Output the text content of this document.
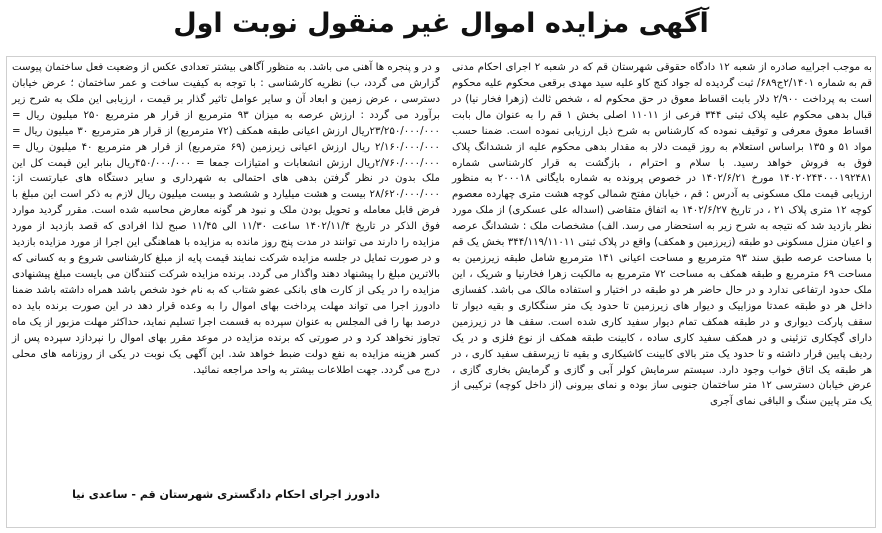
آگهی مزایده اموال غیر منقول نوبت اول

به موجب اجراییه صادره از شعبه ۱۲ دادگاه حقوقی شهرستان قم که در شعبه ۲ اجرای احکام مدنی قم به شماره ۲/۱۴۰۱ج۶۸۹/ ثبت گردیده له جواد کنج کاو علیه سید مهدی برقعی محکوم علیه محکوم است به پرداخت ۲/۹۰۰ دلار بابت اقساط معوق در حق محکوم له ، شخص ثالث (زهرا فخار نیا) در قبال بدهی محکوم علیه پلاک ثبتی ۳۴۴ فرعی از ۱۱۰۱۱ اصلی بخش ۱ قم را به عنوان مال بابت اقساط معوق معرفی و توقیف نموده که کارشناس به شرح ذیل ارزیابی نموده است. ضمنا حسب مواد ۵۱ و ۱۳۵ براساس استعلام به روز قیمت دلار به مقدار بدهی محکوم علیه از ششدانگ پلاک فوق به فروش خواهد رسید. با سلام و احترام ، بازگشت به قرار کارشناسی شماره ۱۴۰۲۰۲۴۴۰۰۰۱۹۲۴۸۱ مورخ ۱۴۰۲/۶/۲۱ در خصوص پرونده به شماره بایگانی ۲۰۰۰۱۸ به منظور ارزیابی قیمت ملک مسکونی به آدرس : قم ، خیابان مفتح شمالی کوچه هشت متری چهارده معصوم کوچه ۱۲ متری پلاک ۲۱ ، در تاریخ ۱۴۰۲/۶/۲۷ به اتفاق متقاضی (اسداله علی عسکری) از ملک مورد نظر بازدید شد که نتیجه به شرح زیر به استحضار می رسد. الف) مشخصات ملک : ششدانگ عرصه و اعیان منزل مسکونی دو طبقه (زیرزمین و همکف) واقع در پلاک ثبتی ۳۴۴/۱۱۹/۱۱۰۱۱ بخش یک قم با مساحت عرصه طبق سند ۹۳ مترمربع و مساحت اعیانی ۱۴۱ مترمربع شامل طبقه زیرزمین به مساحت ۶۹ مترمربع و طبقه همکف به مساحت ۷۲ مترمربع به مالکیت زهرا فخارنیا و شریک ، این ملک حدود ارتفاعی ندارد و در حال حاضر هر دو طبقه در اختیار و استفاده مالک می باشد. کفسازی داخل هر دو طبقه عمدتا موزاییک و دیوار های زیرزمین تا حدود یک متر سنگکاری و بقیه دیوار تا سقف پارکت دیواری و در طبقه همکف تمام دیوار سفید کاری شده است. سقف ها در زیرزمین دارای گچکاری تزئینی و در همکف سفید کاری ساده ، کابینت طبقه همکف از نوع فلزی و در یک ردیف پایین قرار داشته و تا حدود یک متر بالای کابینت کاشیکاری و بقیه تا زیرسقف سفید کاری ، در هر طبقه یک اتاق خواب وجود دارد. سیستم سرمایش کولر آبی و گازی و گرمایش بخاری گازی ، عرض خیابان دسترسی ۱۲ متر ساختمان جنوبی ساز بوده و نمای بیرونی (از داخل کوچه) ترکیبی از یک متر پایین سنگ و الباقی نمای آجری

و در و پنجره ها آهنی می باشد. به منظور آگاهی بیشتر تعدادی عکس از وضعیت فعل ساختمان پیوست گزارش می گردد، ب) نظریه کارشناسی : با توجه به کیفیت ساخت و عمر ساختمان ؛ عرض خیابان دسترسی ، عرض زمین و ابعاد آن و سایر عوامل تاثیر گذار بر قیمت ، ارزیابی این ملک به شرح زیر برآورد می گردد : ارزش عرصه به میزان ۹۳ مترمربع از قرار هر مترمربع ۲۵۰ میلیون ریال = ۲۳/۲۵۰/۰۰۰/۰۰۰ریال ارزش اعیانی طبقه همکف (۷۲ مترمربع) از قرار هر مترمربع ۳۰ میلیون ریال = ۲/۱۶۰/۰۰۰/۰۰۰ ریال ارزش اعیانی زیرزمین (۶۹ مترمربع) از قرار هر مترمربع ۴۰ میلیون ریال = ۲/۷۶۰/۰۰۰/۰۰۰ریال ارزش انشعابات و امتیازات جمعا = ۴۵۰/۰۰۰/۰۰۰ریال بنابر این قیمت کل این ملک بدون در نظر گرفتن بدهی های احتمالی به شهرداری و سایر دستگاه های عبارتست از: ۲۸/۶۲۰/۰۰۰/۰۰۰ بیست و هشت میلیارد و ششصد و بیست میلیون ریال لازم به ذکر است این مبلغ با فرض قابل معامله و تحویل بودن ملک و نبود هر گونه معارض محاسبه شده است. مقرر گردید موارد فوق الذکر در تاریخ ۱۴۰۲/۱۱/۴ ساعت ۱۱/۳۰ الی ۱۱/۴۵ صبح لذا افرادی که قصد بازدید از مورد مزایده را دارند می توانند در مدت پنج روز مانده به مزایده با هماهنگی این اجرا از مورد مزایده بازدید و در صورت تمایل در جلسه مزایده شرکت نمایند قیمت پایه از مبلغ کارشناسی شروع و به کسانی که بالاترین مبلغ را پیشنهاد دهند واگذار می گردد. برنده مزایده شرکت کنندگان می بایست مبلغ پیشنهادی مزایده را در یکی از کارت های بانکی عضو شتاب که به نام خود شخص باشد همراه داشته باشد ضمنا دادورز اجرا می تواند مهلت پرداخت بهای اموال را به وعده قرار دهد در این صورت برنده باید ده درصد بها را فی المجلس به عنوان سپرده به قسمت اجرا تسلیم نماید، حداکثر مهلت مزبور از یک ماه تجاوز نخواهد کرد و در صورتی که برنده مزایده در موعد مقرر بهای اموال را نپردازد سپرده پس از کسر هزینه مزایده به نفع دولت ضبط خواهد شد. این آگهی یک نوبت در یکی از روزنامه های محلی درج می گردد. جهت اطلاعات بیشتر به واحد مراجعه نمائید.

دادورز اجرای احکام دادگستری شهرستان قم - ساعدی نیا
